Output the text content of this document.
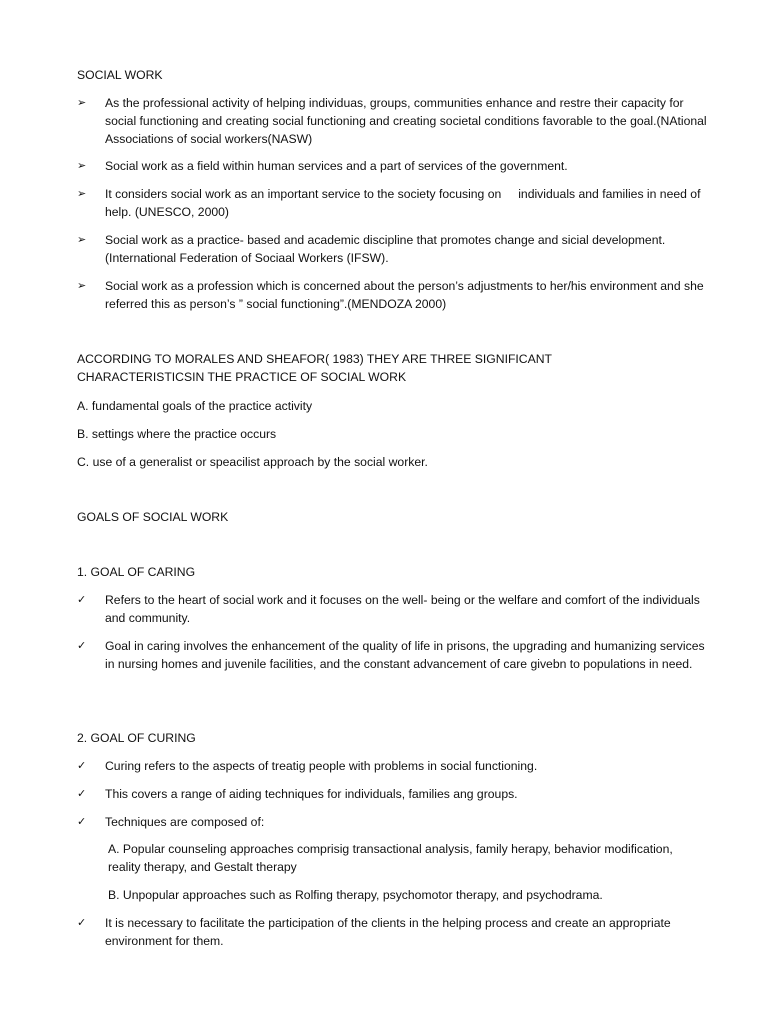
SOCIAL WORK
➢	As the professional activity of helping individuas, groups, communities enhance and restre their capacity for social functioning and creating social functioning and creating societal conditions favorable to the goal.(NAtional Associations of social workers(NASW)
➢	Social work as a field within human services and a part of services of the government.
➢	It considers social work as an important service to the society focusing on     individuals and families in need of help. (UNESCO, 2000)
➢	Social work as a practice- based and academic discipline that promotes change and sicial development.(International Federation of Sociaal Workers (IFSW).
➢	Social work as a profession which is concerned about the person’s adjustments to her/his environment and she referred this as person’s ” social functioning”.(MENDOZA 2000)
ACCORDING TO MORALES AND SHEAFOR( 1983) THEY ARE THREE SIGNIFICANT
CHARACTERISTICSIN THE PRACTICE OF SOCIAL WORK
A. fundamental goals of the practice activity
B. settings where the practice occurs
C. use of a generalist or speacilist approach by the social worker.
GOALS OF SOCIAL WORK
1. GOAL OF CARING
✓	Refers to the heart of social work and it focuses on the well- being or the welfare and comfort of the individuals and community.
✓	Goal in caring involves the enhancement of the quality of life in prisons, the upgrading and humanizing services in nursing homes and juvenile facilities, and the constant advancement of care givebn to populations in need.
2. GOAL OF CURING
✓	Curing refers to the aspects of treatig people with problems in social functioning.
✓	This covers a range of aiding techniques for individuals, families ang groups.
✓	Techniques are composed of:
A. Popular counseling approaches comprisig transactional analysis, family herapy, behavior modification, reality therapy, and Gestalt therapy
B. Unpopular approaches such as Rolfing therapy, psychomotor therapy, and psychodrama.
✓	It is necessary to facilitate the participation of the clients in the helping process and create an appropriate environment for them.
